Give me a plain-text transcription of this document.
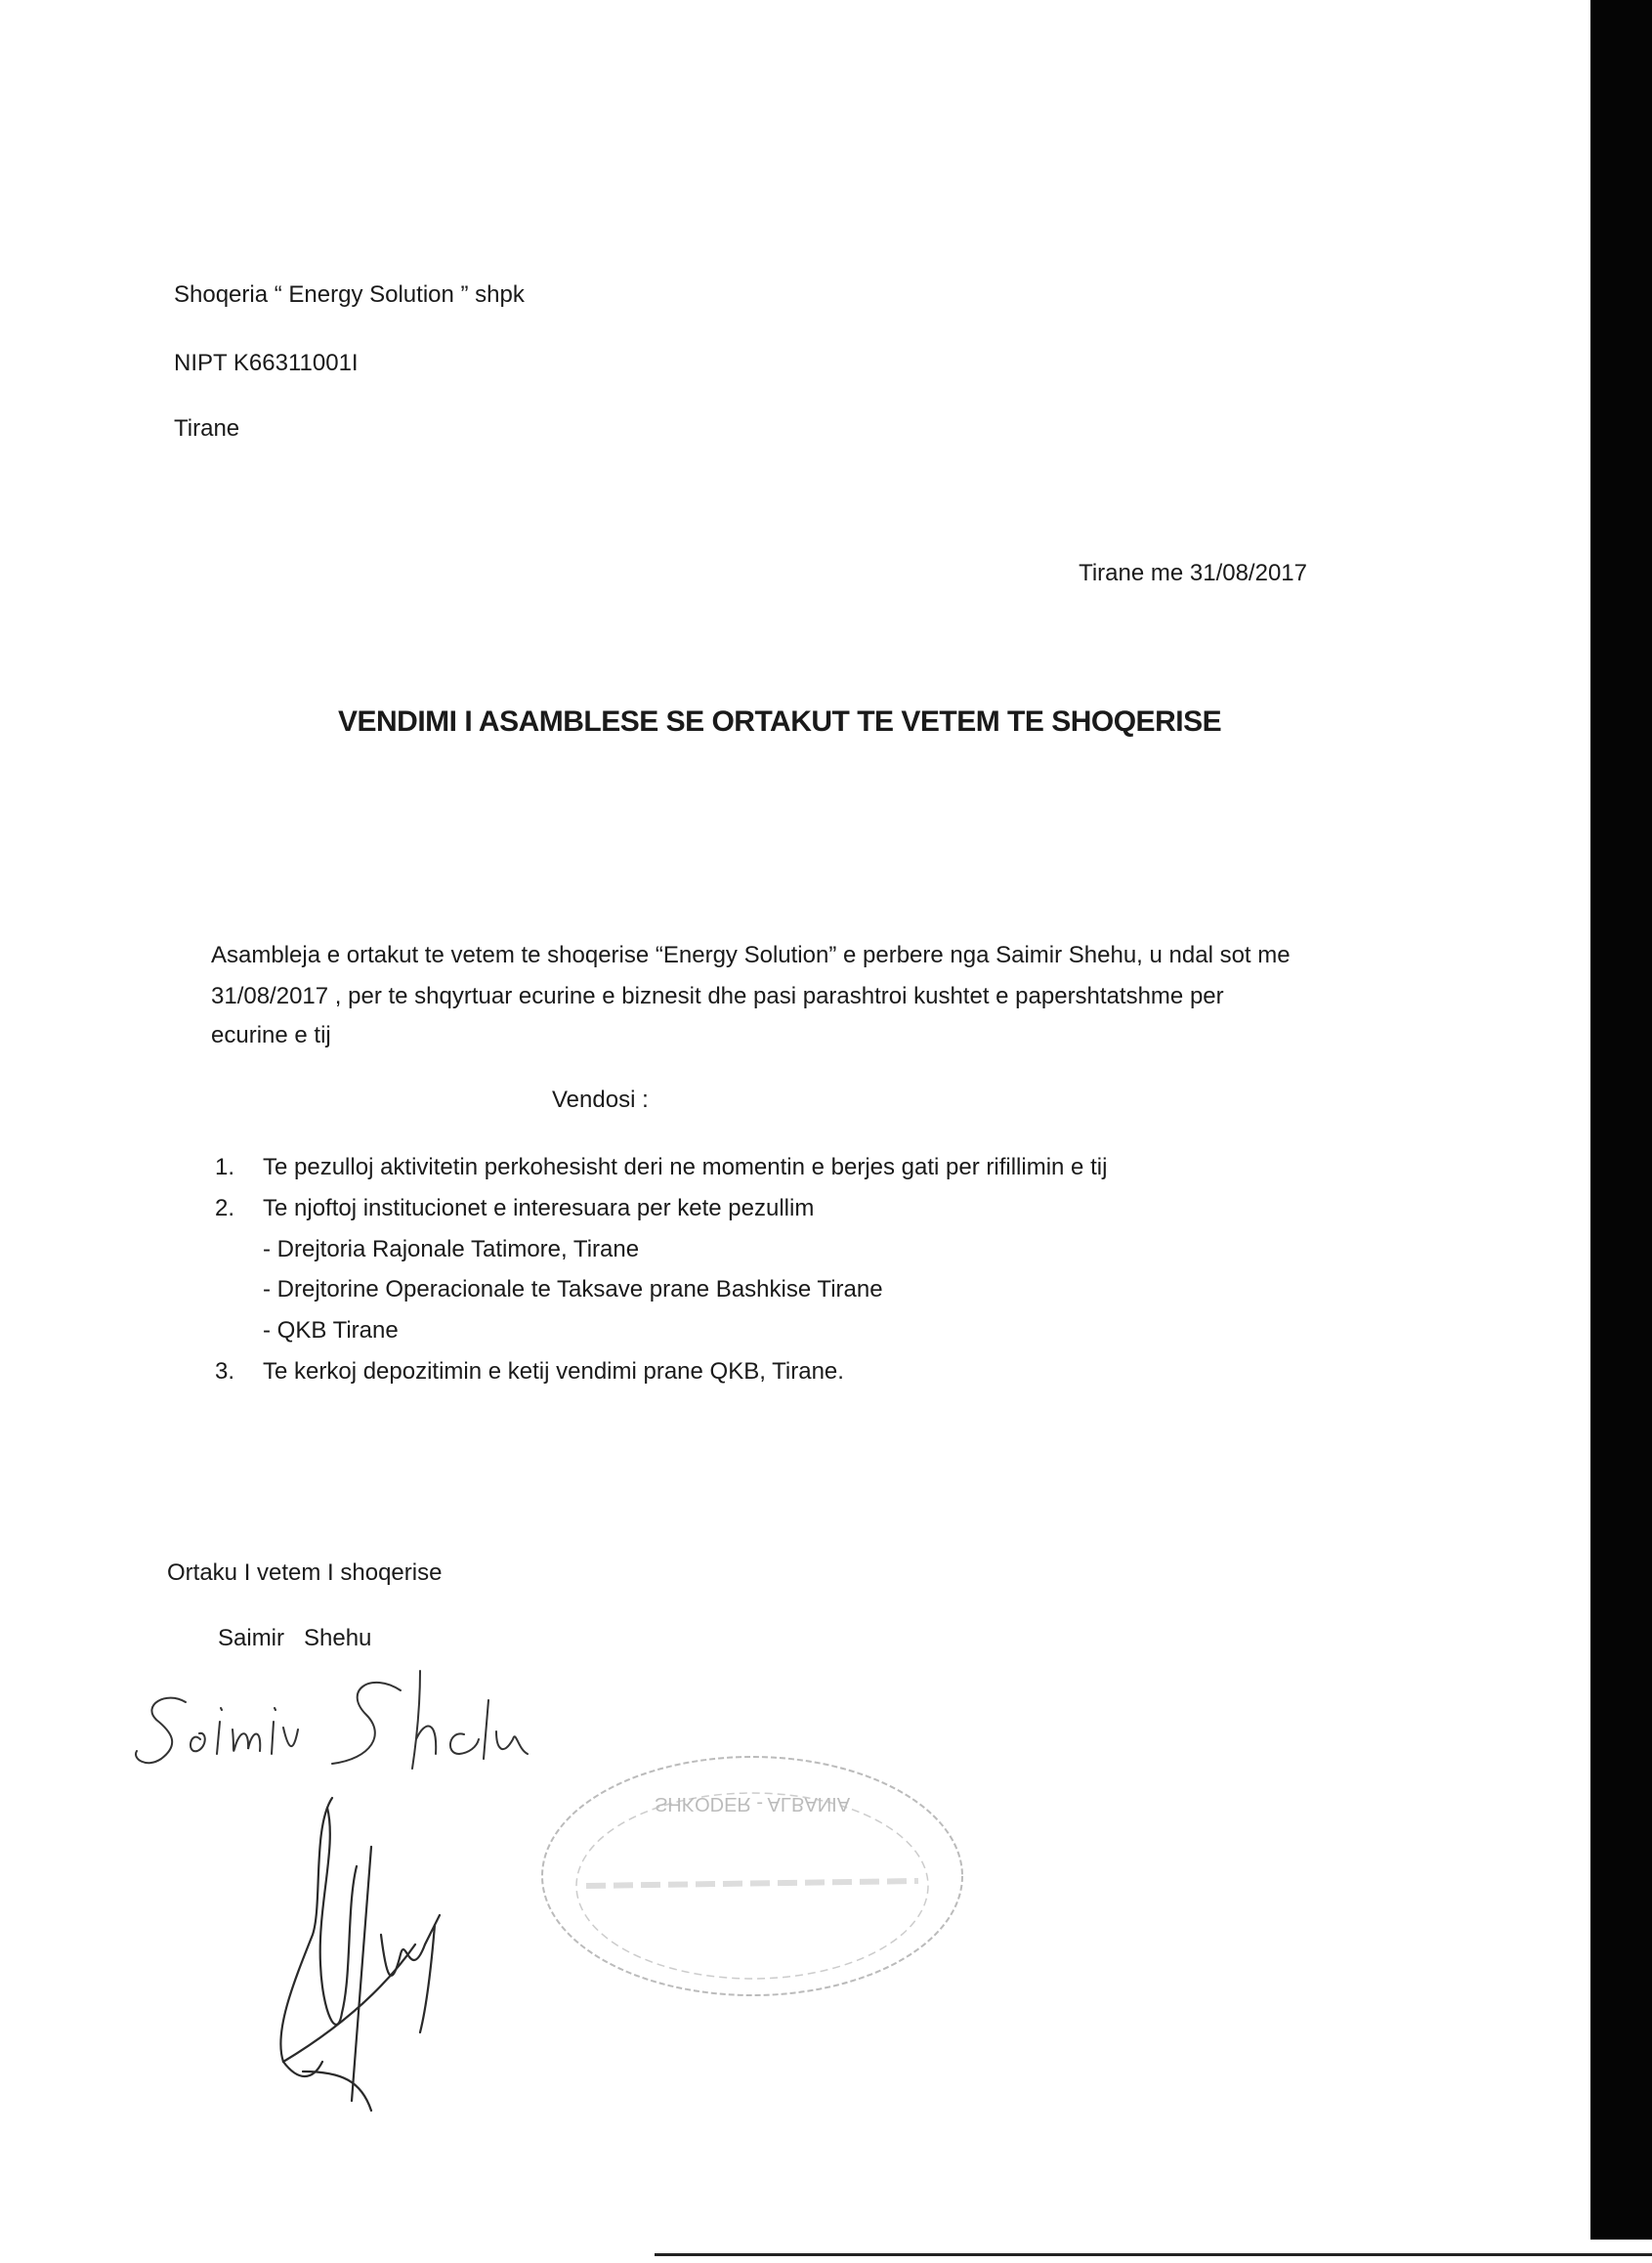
Shoqeria “ Energy Solution ” shpk
NIPT K66311001I
Tirane
Tirane me 31/08/2017
VENDIMI I ASAMBLESE SE ORTAKUT TE VETEM TE SHOQERISE
Asambleja e ortakut te vetem te shoqerise “Energy Solution” e perbere nga Saimir Shehu, u ndal sot me
31/08/2017 , per te shqyrtuar ecurine e biznesit dhe pasi parashtroi kushtet e papershtatshme per
ecurine e tij
Vendosi :
1. Te pezulloj aktivitetin perkohesisht deri ne momentin e berjes gati per rifillimin e tij
2. Te njoftoj institucionet e interesuara per kete pezullim
- Drejtoria Rajonale Tatimore, Tirane
- Drejtorine Operacionale te Taksave prane Bashkise Tirane
- QKB Tirane
3. Te kerkoj depozitimin e ketij vendimi prane QKB, Tirane.
Ortaku I vetem I shoqerise
Saimir   Shehu
SHKODER - ALBANIA
